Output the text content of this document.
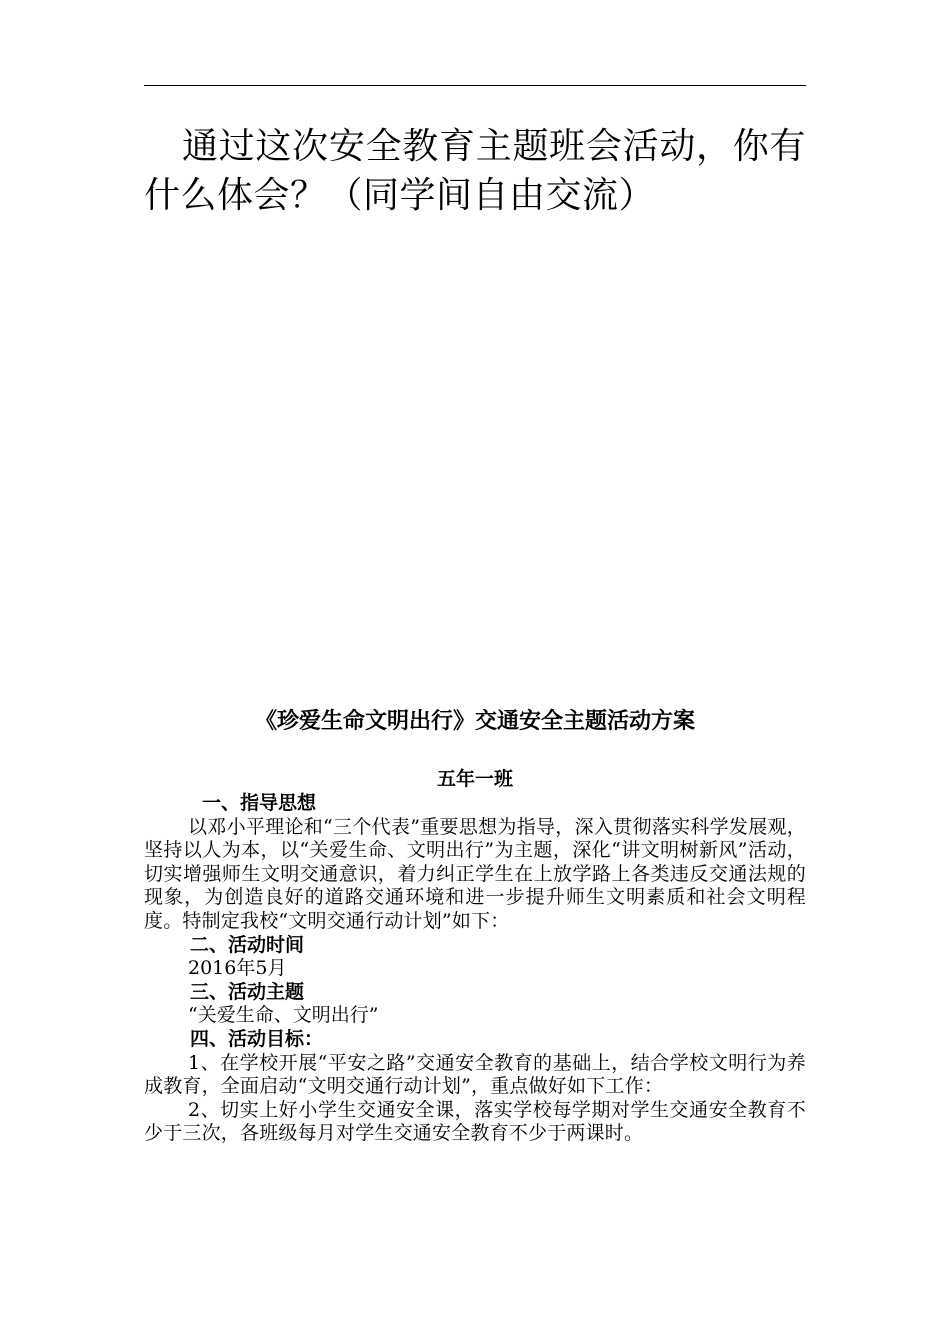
通过这次安全教育主题班会活动，你有什么体会？（同学间自由交流）
《珍爱生命文明出行》交通安全主题活动方案
五年一班

一、指导思想

以邓小平理论和“三个代表”重要思想为指导，深入贯彻落实科学发展观，坚持以人为本，以“关爱生命、文明出行”为主题，深化“讲文明树新风”活动，切实增强师生文明交通意识，着力纠正学生在上放学路上各类违反交通法规的现象，为创造良好的道路交通环境和进一步提升师生文明素质和社会文明程度。特制定我校“文明交通行动计划”如下：

二、活动时间

2016年5月

三、活动主题

“关爱生命、文明出行”

四、活动目标：

1、在学校开展“平安之路”交通安全教育的基础上，结合学校文明行为养成教育，全面启动“文明交通行动计划”，重点做好如下工作：

2、切实上好小学生交通安全课，落实学校每学期对学生交通安全教育不少于三次，各班级每月对学生交通安全教育不少于两课时。
